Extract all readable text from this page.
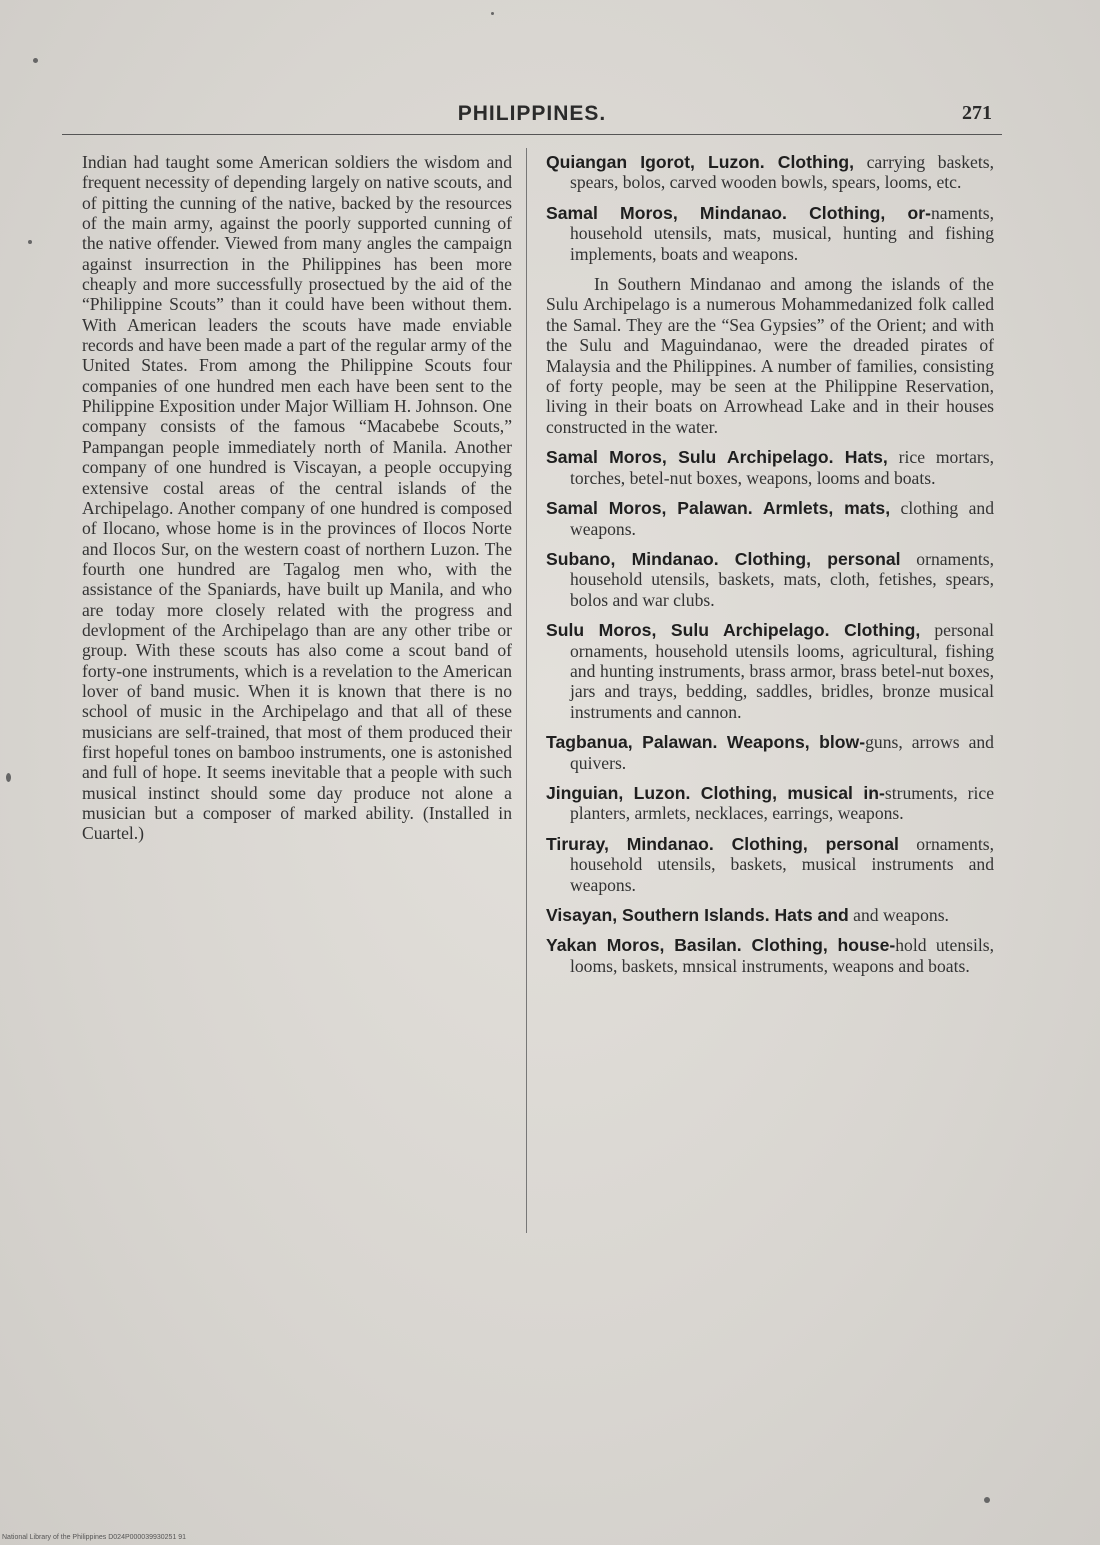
PHILIPPINES.	271

Indian had taught some American soldiers the wisdom and frequent necessity of depending largely on native scouts, and of pitting the cunning of the native, backed by the resources of the main army, against the poorly supported cunning of the native offender. Viewed from many angles the campaign against insurrection in the Philippines has been more cheaply and more successfully prosectued by the aid of the “Philippine Scouts” than it could have been without them. With American leaders the scouts have made enviable records and have been made a part of the regular army of the United States. From among the Philippine Scouts four companies of one hundred men each have been sent to the Philippine Exposition under Major William H. Johnson. One company consists of the famous “Macabebe Scouts,” Pampangan people immediately north of Manila. Another company of one hundred is Viscayan, a people occupying extensive costal areas of the central islands of the Archipelago. Another company of one hundred is composed of Ilocano, whose home is in the provinces of Ilocos Norte and Ilocos Sur, on the western coast of northern Luzon. The fourth one hundred are Tagalog men who, with the assistance of the Spaniards, have built up Manila, and who are today more closely related with the progress and devlopment of the Archipelago than are any other tribe or group. With these scouts has also come a scout band of forty-one instruments, which is a revelation to the American lover of band music. When it is known that there is no school of music in the Archipelago and that all of these musicians are self-trained, that most of them produced their first hopeful tones on bamboo instruments, one is astonished and full of hope. It seems inevitable that a people with such musical instinct should some day produce not alone a musician but a composer of marked ability. (Installed in Cuartel.)

Quiangan Igorot, Luzon. Clothing, carrying baskets, spears, bolos, carved wooden bowls, spears, looms, etc.
Samal Moros, Mindanao. Clothing, or-naments, household utensils, mats, musical, hunting and fishing implements, boats and weapons.

In Southern Mindanao and among the islands of the Sulu Archipelago is a numerous Mohammedanized folk called the Samal. They are the “Sea Gypsies” of the Orient; and with the Sulu and Maguindanao, were the dreaded pirates of Malaysia and the Philippines. A number of families, consisting of forty people, may be seen at the Philippine Reservation, living in their boats on Arrowhead Lake and in their houses constructed in the water.

Samal Moros, Sulu Archipelago. Hats, rice mortars, torches, betel-nut boxes, weapons, looms and boats.
Samal Moros, Palawan. Armlets, mats, clothing and weapons.
Subano, Mindanao. Clothing, personal ornaments, household utensils, baskets, mats, cloth, fetishes, spears, bolos and war clubs.
Sulu Moros, Sulu Archipelago. Clothing, personal ornaments, household utensils looms, agricultural, fishing and hunting instruments, brass armor, brass betel-nut boxes, jars and trays, bedding, saddles, bridles, bronze musical instruments and cannon.
Tagbanua, Palawan. Weapons, blow-guns, arrows and quivers.
Jinguian, Luzon. Clothing, musical in-struments, rice planters, armlets, necklaces, earrings, weapons.
Tiruray, Mindanao. Clothing, personal ornaments, household utensils, baskets, musical instruments and weapons.
Visayan, Southern Islands. Hats and and weapons.
Yakan Moros, Basilan. Clothing, house-hold utensils, looms, baskets, mnsical instruments, weapons and boats.
National Library of the Philippines D024P000039930251 91
